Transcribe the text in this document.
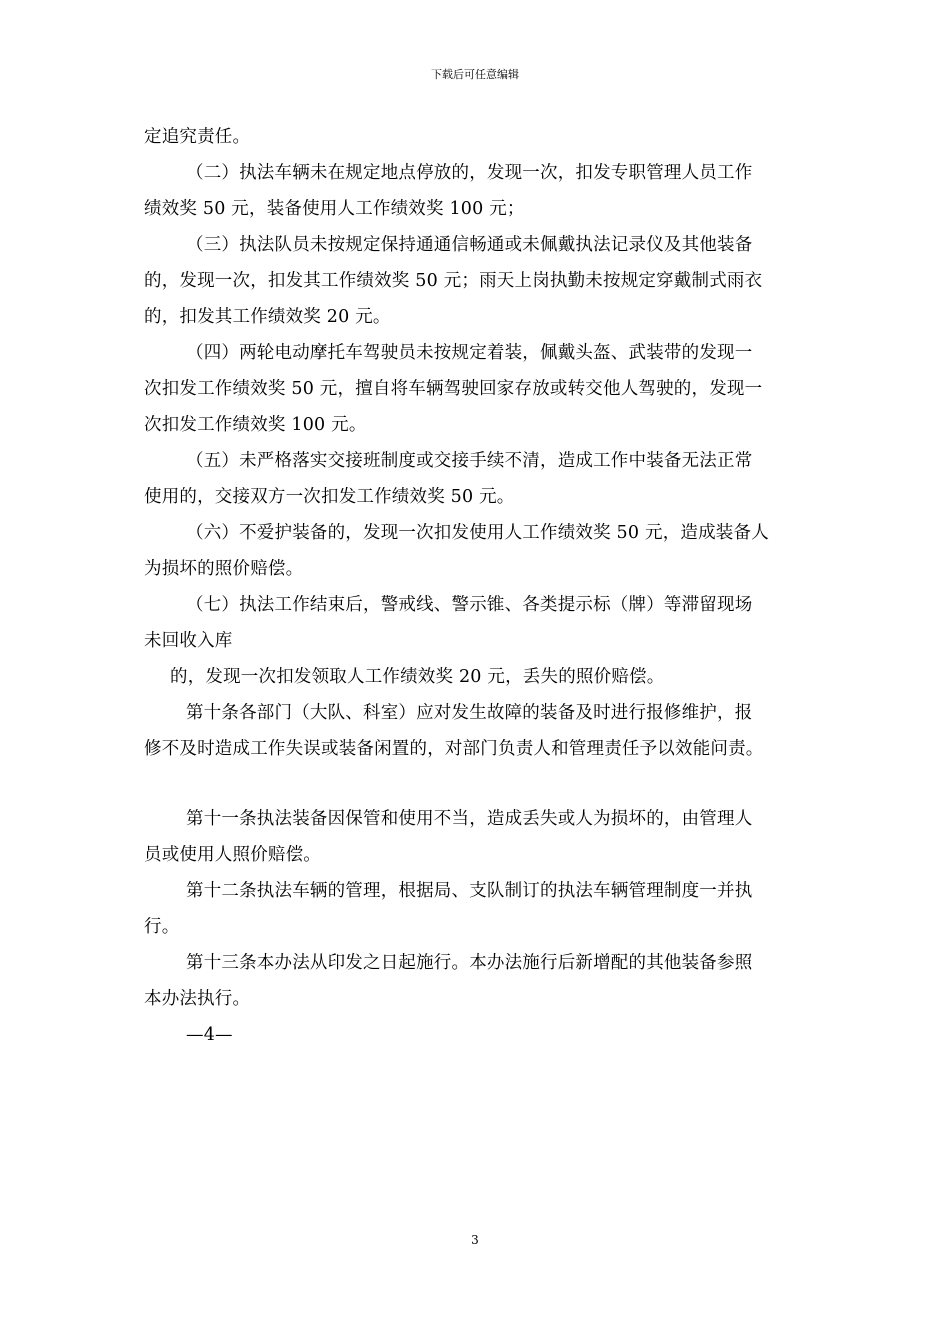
下载后可任意编辑
定追究责任。
（二）执法车辆未在规定地点停放的，发现一次，扣发专职管理人员工作
绩效奖 50 元，装备使用人工作绩效奖 100 元；
（三）执法队员未按规定保持通通信畅通或未佩戴执法记录仪及其他装备
的，发现一次，扣发其工作绩效奖 50 元；雨天上岗执勤未按规定穿戴制式雨衣
的，扣发其工作绩效奖 20 元。
（四）两轮电动摩托车驾驶员未按规定着装，佩戴头盔、武装带的发现一
次扣发工作绩效奖 50 元，擅自将车辆驾驶回家存放或转交他人驾驶的，发现一
次扣发工作绩效奖 100 元。
（五）未严格落实交接班制度或交接手续不清，造成工作中装备无法正常
使用的，交接双方一次扣发工作绩效奖 50 元。
（六）不爱护装备的，发现一次扣发使用人工作绩效奖 50 元，造成装备人
为损坏的照价赔偿。
（七）执法工作结束后，警戒线、警示锥、各类提示标（牌）等滞留现场
未回收入库
的，发现一次扣发领取人工作绩效奖 20 元，丢失的照价赔偿。
第十条各部门（大队、科室）应对发生故障的装备及时进行报修维护，报
修不及时造成工作失误或装备闲置的，对部门负责人和管理责任予以效能问责。
第十一条执法装备因保管和使用不当，造成丢失或人为损坏的，由管理人
员或使用人照价赔偿。
第十二条执法车辆的管理，根据局、支队制订的执法车辆管理制度一并执
行。
第十三条本办法从印发之日起施行。本办法施行后新增配的其他装备参照
本办法执行。
—4—
3
